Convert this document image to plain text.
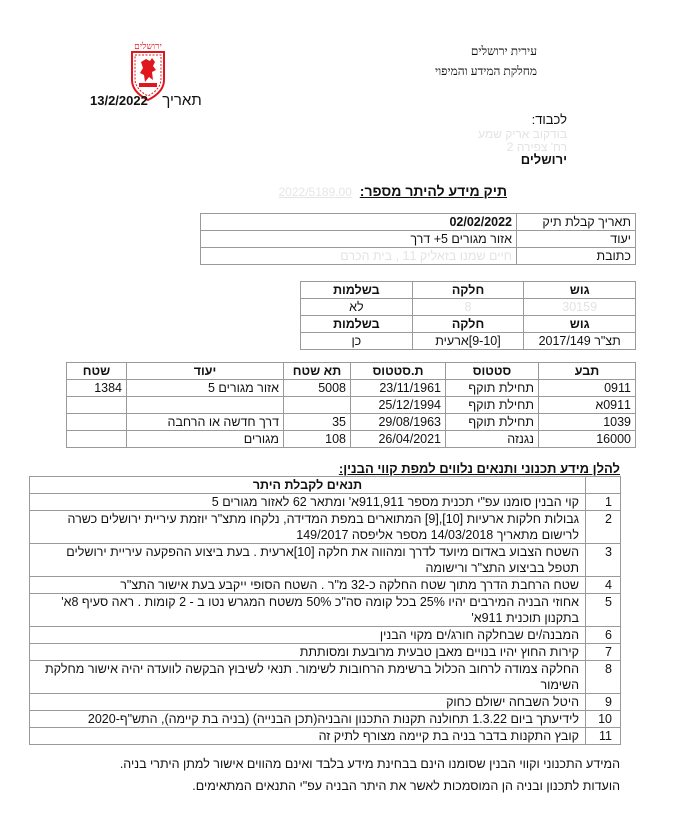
עירית ירושלים
מחלקת המידע והמיפוי
ירושלים
תאריך 13/2/2022
לכבוד:
בודקוב אריק שמע
רח' צפירה 2
ירושלים
תיק מידע להיתר מספר: 2022/5189.00
תאריך קבלת תיק	02/02/2022
יעוד	אזור מגורים 5+ דרך
כתובת	חיים שמנו בזאליק 11 , בית הכרם
גוש	חלקה	בשלמות
30159	8	לא
גוש	חלקה	בשלמות
תצ"ר 2017/149	[9-10]ארעית	כן
תבע	סטטוס	ת.סטטוס	תא שטח	יעוד	שטח
0911	תחילת תוקף	23/11/1961	5008	אזור מגורים 5	1384
0911א	תחילת תוקף	25/12/1994			
1039	תחילת תוקף	29/08/1963	35	דרך חדשה או הרחבה	
16000	נגנזה	26/04/2021	108	מגורים	
להלן מידע תכנוני ותנאים נלווים למפת קווי הבנין:
	תנאים לקבלת היתר
1	קוי הבנין סומנו עפ"י תכנית מספר 911,911א' ומתאר 62 לאזור מגורים 5
2	גבולות חלקות ארעיות [10],[9] המתוארים במפת המדידה, נלקחו מתצ"ר יוזמת עיריית ירושלים כשרה לרישום מתאריך 14/03/2018 מספר אליפסה 149/2017
3	השטח הצבוע באדום מיועד לדרך ומהווה את חלקה [10]ארעית . בעת ביצוע ההפקעה עיריית ירושלים תטפל בביצוע התצ"ר ורישומה
4	שטח הרחבת הדרך מתוך שטח החלקה כ-32 מ"ר . השטח הסופי ייקבע בעת אישור התצ"ר
5	אחוזי הבניה המירבים יהיו 25% בכל קומה סה"כ 50% משטח המגרש נטו ב - 2 קומות . ראה סעיף 8א' בתקנון תוכנית 911א'
6	המבנה/ים שבחלקה חורג/ים מקוי הבנין
7	קירות החוץ יהיו בנויים מאבן טבעית מרובעת ומסותתת
8	החלקה צמודה לרחוב הכלול ברשימת הרחובות לשימור. תנאי לשיבוץ הבקשה לוועדה יהיה אישור מחלקת השימור
9	היטל השבחה ישולם כחוק
10	לידיעתך ביום 1.3.22 תחולנה תקנות התכנון והבניה(תכן הבנייה) (בניה בת קיימה), התש"ף-2020
11	קובץ התקנות בדבר בניה בת קיימה מצורף לתיק זה
המידע התכנוני וקווי הבנין שסומנו הינם בבחינת מידע בלבד ואינם מהווים אישור למתן היתרי בניה.
הועדות לתכנון ובניה הן המוסמכות לאשר את היתר הבניה עפ"י התנאים המתאימים.
